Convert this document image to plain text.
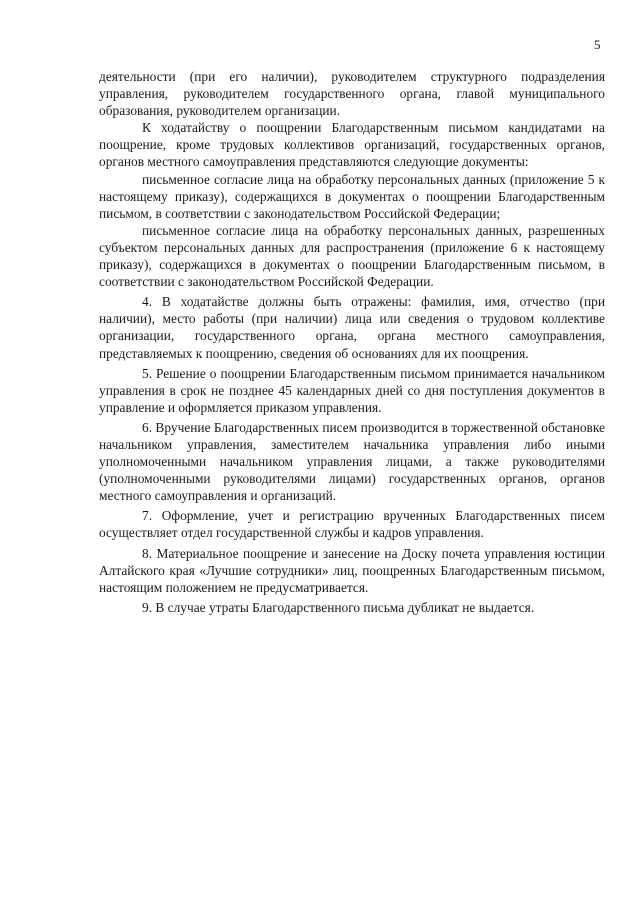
5

деятельности (при его наличии), руководителем структурного подразделения управления, руководителем государственного органа, главой муниципального образования, руководителем организации.

К ходатайству о поощрении Благодарственным письмом кандидатами на поощрение, кроме трудовых коллективов организаций, государственных органов, органов местного самоуправления представляются следующие документы:

письменное согласие лица на обработку персональных данных (приложение 5 к настоящему приказу), содержащихся в документах о поощрении Благодарственным письмом, в соответствии с законодательством Российской Федерации;

письменное согласие лица на обработку персональных данных, разрешенных субъектом персональных данных для распространения (приложение 6 к настоящему приказу), содержащихся в документах о поощрении Благодарственным письмом, в соответствии с законодательством Российской Федерации.

4. В ходатайстве должны быть отражены: фамилия, имя, отчество (при наличии), место работы (при наличии) лица или сведения о трудовом коллективе организации, государственного органа, органа местного самоуправления, представляемых к поощрению, сведения об основаниях для их поощрения.

5. Решение о поощрении Благодарственным письмом принимается начальником управления в срок не позднее 45 календарных дней со дня поступления документов в управление и оформляется приказом управления.

6. Вручение Благодарственных писем производится в торжественной обстановке начальником управления, заместителем начальника управления либо иными уполномоченными начальником управления лицами, а также руководителями (уполномоченными руководителями лицами) государственных органов, органов местного самоуправления и организаций.

7. Оформление, учет и регистрацию врученных Благодарственных писем осуществляет отдел государственной службы и кадров управления.

8. Материальное поощрение и занесение на Доску почета управления юстиции Алтайского края «Лучшие сотрудники» лиц, поощренных Благодарственным письмом, настоящим положением не предусматривается.

9. В случае утраты Благодарственного письма дубликат не выдается.
